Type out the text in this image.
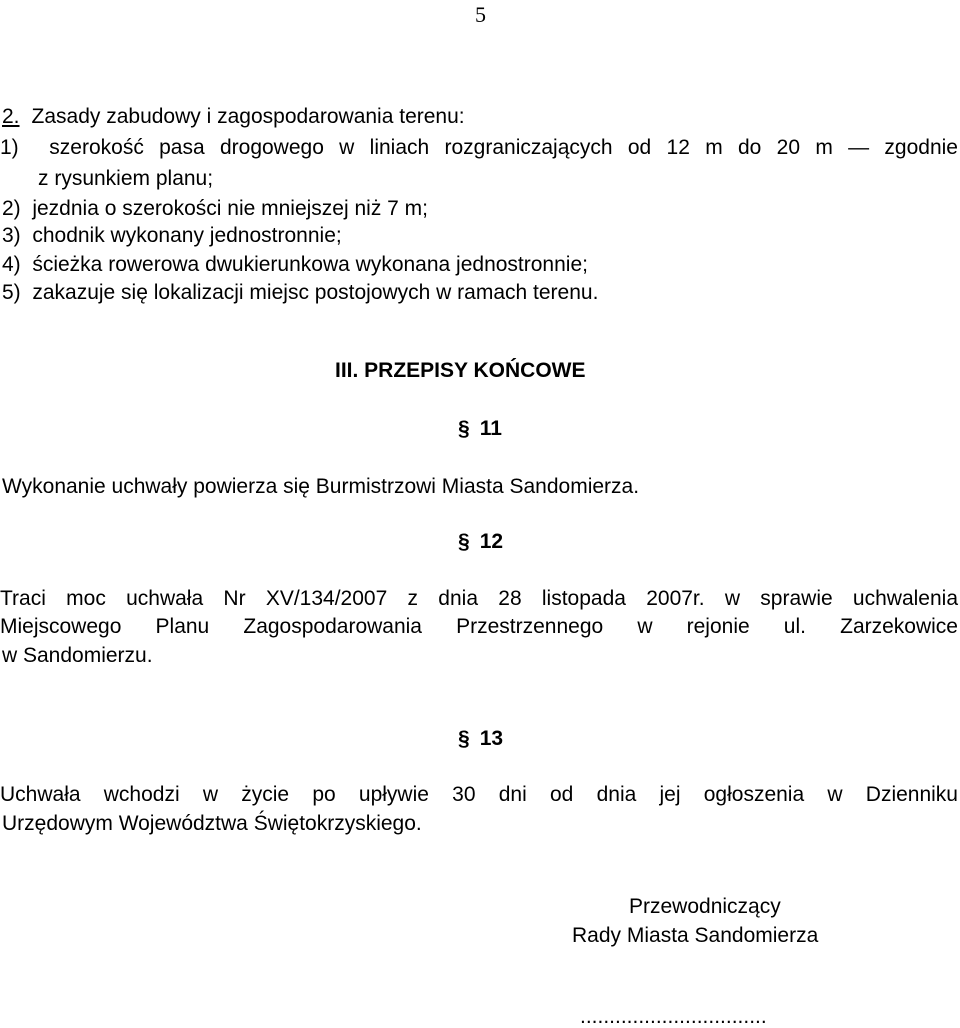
5
2. Zasady zabudowy i zagospodarowania terenu:
1)  szerokość pasa drogowego w liniach rozgraniczających od 12 m do 20 m — zgodnie
z rysunkiem planu;
2)  jezdnia o szerokości nie mniejszej niż 7 m;
3)  chodnik wykonany jednostronnie;
4)  ścieżka rowerowa dwukierunkowa wykonana jednostronnie;
5)  zakazuje się lokalizacji miejsc postojowych w ramach terenu.
III. PRZEPISY KOŃCOWE
§ 11
Wykonanie uchwały powierza się Burmistrzowi Miasta Sandomierza.
§ 12
Traci moc uchwała Nr XV/134/2007 z dnia 28 listopada 2007r. w sprawie uchwalenia
Miejscowego Planu Zagospodarowania Przestrzennego w rejonie ul. Zarzekowice
w Sandomierzu.
§ 13
Uchwała wchodzi w życie po upływie 30 dni od dnia jej ogłoszenia w Dzienniku
Urzędowym Województwa Świętokrzyskiego.
Przewodniczący
Rady Miasta Sandomierza
................................
